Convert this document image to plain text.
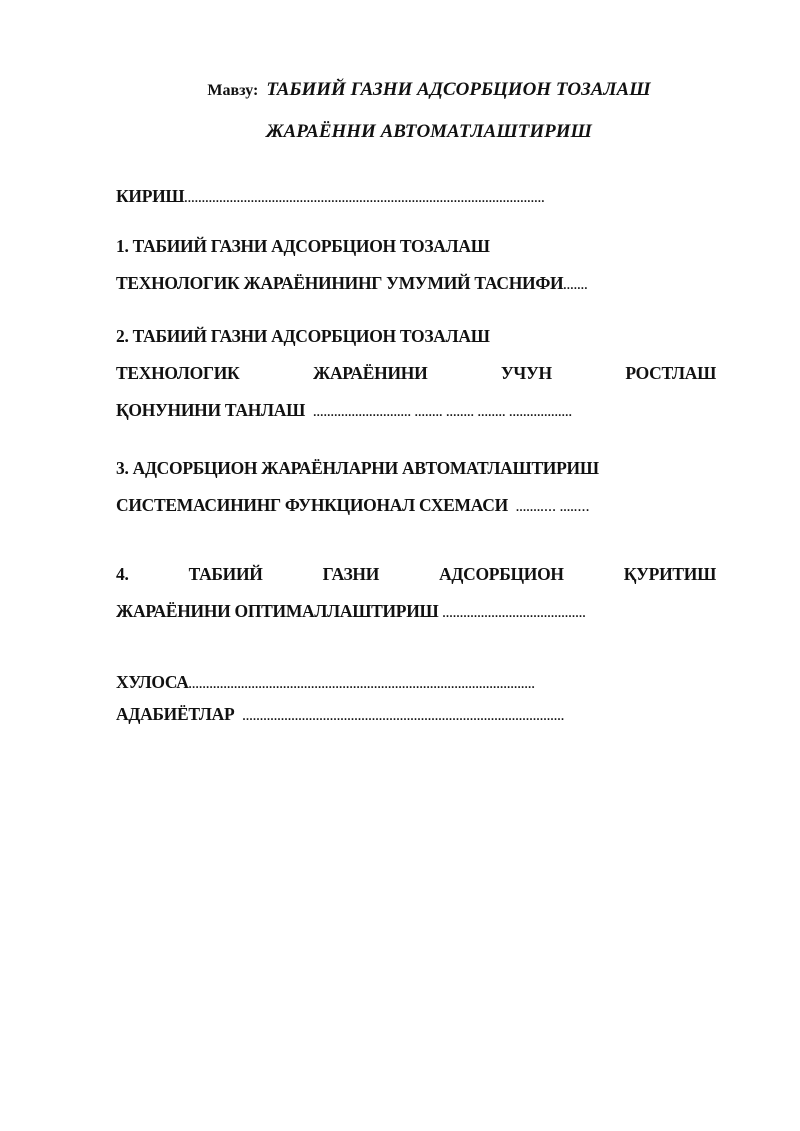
Мавзу: ТАБИИЙ ГАЗНИ АДСОРБЦИОН ТОЗАЛАШ
ЖАРАЁННИ АВТОМАТЛАШТИРИШ
КИРИШ.......................................................................................................
1. ТАБИИЙ ГАЗНИ АДСОРБЦИОН ТОЗАЛАШ
ТЕХНОЛОГИК ЖАРАЁНИНИНГ УМУМИЙ ТАСНИФИ.......
2. ТАБИИЙ ГАЗНИ АДСОРБЦИОН ТОЗАЛАШ
ТЕХНОЛОГИК	ЖАРАЁНИНИ	УЧУН	РОСТЛАШ
ҚОНУНИНИ ТАНЛАШ ............................ ........ ........ ........ ..................
3. АДСОРБЦИОН ЖАРАЁНЛАРНИ АВТОМАТЛАШТИРИШ
СИСТЕМАСИНИНГ ФУНКЦИОНАЛ СХЕМАСИ ........… .....…
4.	ТАБИИЙ	ГАЗНИ	АДСОРБЦИОН	ҚУРИТИШ
ЖАРАЁНИНИ ОПТИМАЛЛАШТИРИШ .........................................
ХУЛОСА...................................................................................................
АДАБИЁТЛАР ............................................................................................
